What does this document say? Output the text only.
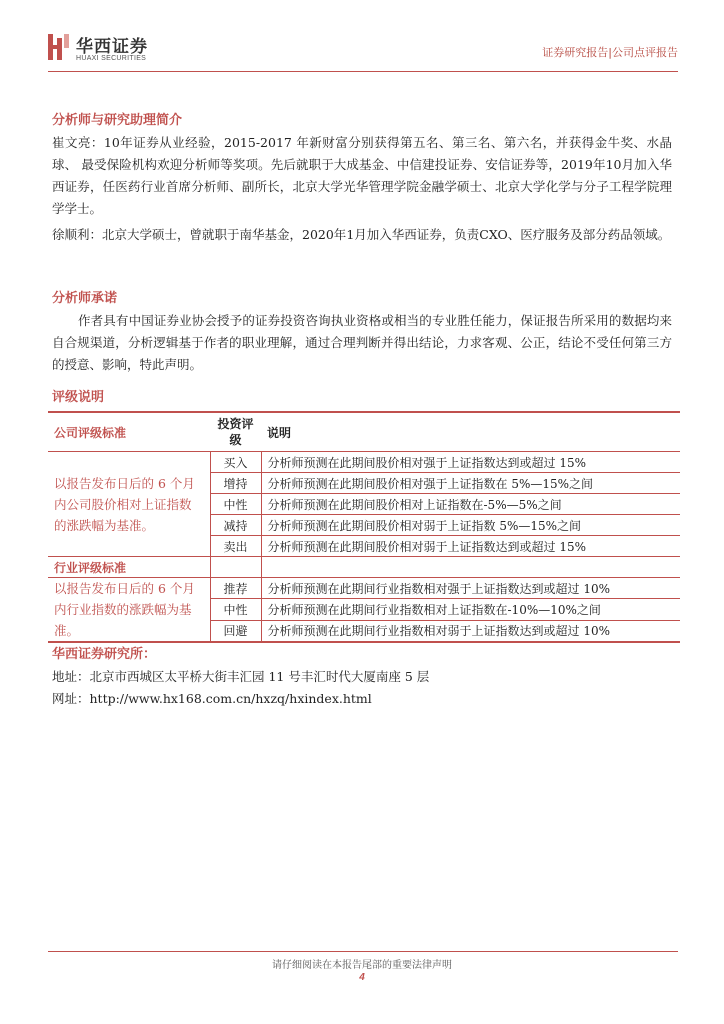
华西证券
HUAXI SECURITIES	证券研究报告|公司点评报告
分析师与研究助理简介
崔文亮：10年证券从业经验，2015-2017 年新财富分别获得第五名、第三名、第六名，并获得金牛奖、水晶球、 最受保险机构欢迎分析师等奖项。先后就职于大成基金、中信建投证券、安信证券等，2019年10月加入华西证券，任医药行业首席分析师、副所长，北京大学光华管理学院金融学硕士、北京大学化学与分子工程学院理学学士。
徐顺利：北京大学硕士，曾就职于南华基金，2020年1月加入华西证券，负责CXO、医疗服务及部分药品领域。
分析师承诺
作者具有中国证券业协会授予的证券投资咨询执业资格或相当的专业胜任能力，保证报告所采用的数据均来自合规渠道，分析逻辑基于作者的职业理解，通过合理判断并得出结论，力求客观、公正，结论不受任何第三方的授意、影响，特此声明。
评级说明
公司评级标准	投资评级	说明
以报告发布日后的 6 个月内公司股价相对上证指数的涨跌幅为基准。	买入	分析师预测在此期间股价相对强于上证指数达到或超过 15%
	增持	分析师预测在此期间股价相对强于上证指数在 5%—15%之间
	中性	分析师预测在此期间股价相对上证指数在-5%—5%之间
	减持	分析师预测在此期间股价相对弱于上证指数 5%—15%之间
	卖出	分析师预测在此期间股价相对弱于上证指数达到或超过 15%
行业评级标准		
以报告发布日后的 6 个月内行业指数的涨跌幅为基准。	推荐	分析师预测在此期间行业指数相对强于上证指数达到或超过 10%
	中性	分析师预测在此期间行业指数相对上证指数在-10%—10%之间
	回避	分析师预测在此期间行业指数相对弱于上证指数达到或超过 10%
华西证券研究所：
地址：北京市西城区太平桥大街丰汇园 11 号丰汇时代大厦南座 5 层
网址：http://www.hx168.com.cn/hxzq/hxindex.html
请仔细阅读在本报告尾部的重要法律声明
4
